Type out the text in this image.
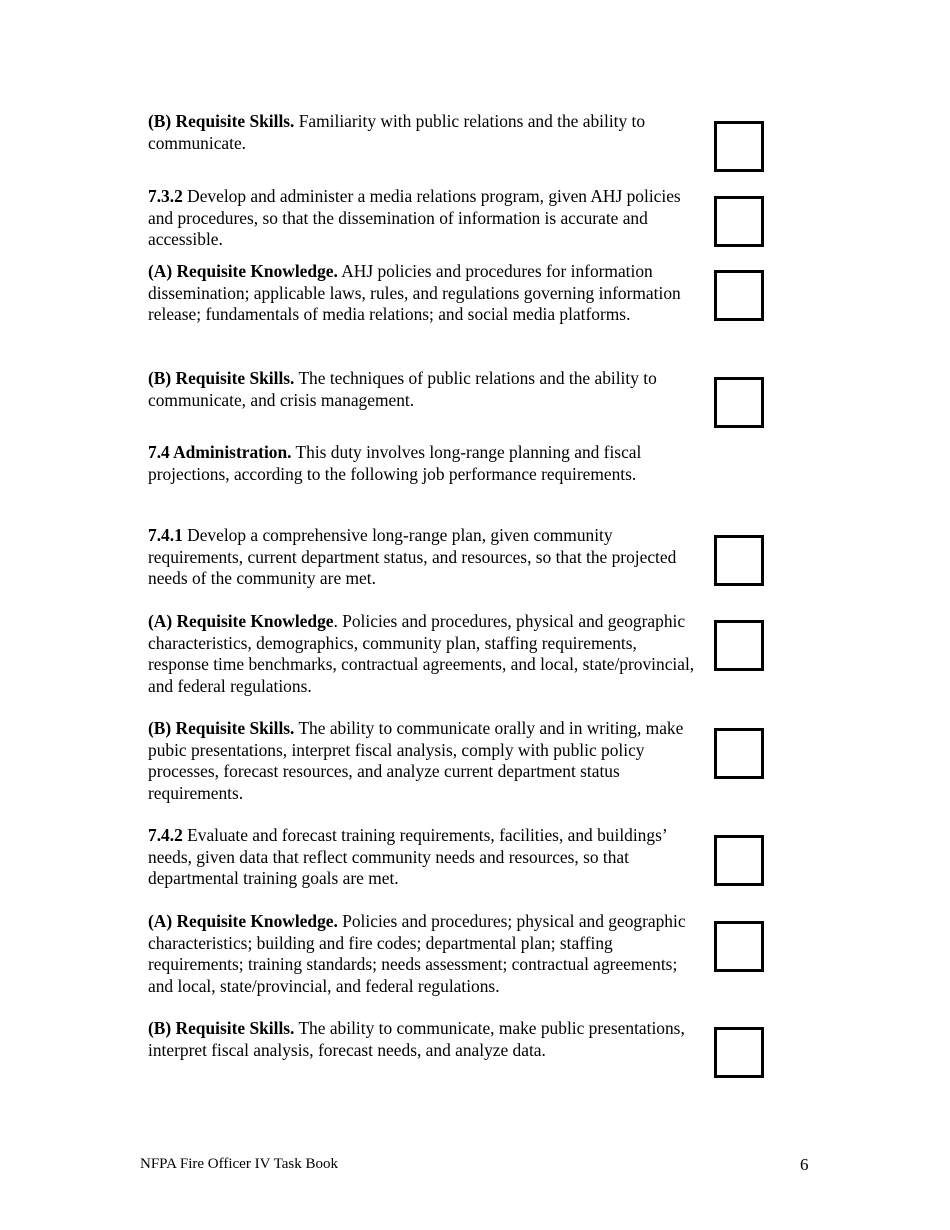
(B) Requisite Skills. Familiarity with public relations and the ability to communicate.

7.3.2 Develop and administer a media relations program, given AHJ policies and procedures, so that the dissemination of information is accurate and accessible.

(A) Requisite Knowledge. AHJ policies and procedures for information dissemination; applicable laws, rules, and regulations governing information release; fundamentals of media relations; and social media platforms.

(B) Requisite Skills. The techniques of public relations and the ability to communicate, and crisis management.

7.4 Administration. This duty involves long-range planning and fiscal projections, according to the following job performance requirements.

7.4.1 Develop a comprehensive long-range plan, given community requirements, current department status, and resources, so that the projected needs of the community are met.

(A) Requisite Knowledge. Policies and procedures, physical and geographic characteristics, demographics, community plan, staffing requirements, response time benchmarks, contractual agreements, and local, state/provincial, and federal regulations.

(B) Requisite Skills. The ability to communicate orally and in writing, make pubic presentations, interpret fiscal analysis, comply with public policy processes, forecast resources, and analyze current department status requirements.

7.4.2 Evaluate and forecast training requirements, facilities, and buildings’ needs, given data that reflect community needs and resources, so that departmental training goals are met.

(A) Requisite Knowledge. Policies and procedures; physical and geographic characteristics; building and fire codes; departmental plan; staffing requirements; training standards; needs assessment; contractual agreements; and local, state/provincial, and federal regulations.

(B) Requisite Skills. The ability to communicate, make public presentations, interpret fiscal analysis, forecast needs, and analyze data.

NFPA Fire Officer IV Task Book	6
